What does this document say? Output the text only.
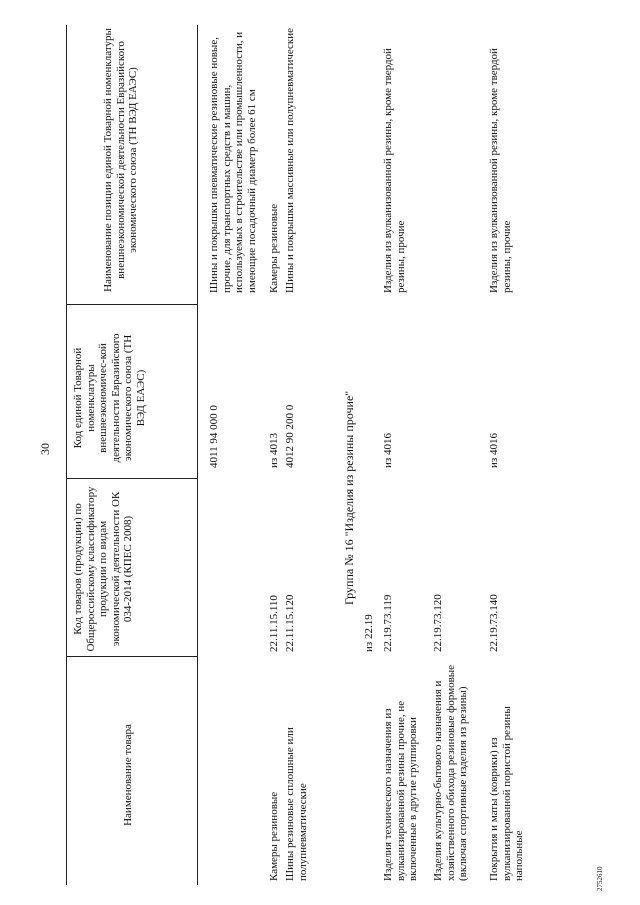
30
2752610
Наименование товара
Код товаров (продукции) по Общероссийскому классификатору продукции по видам экономической деятельности ОК 034-2014 (КПЕС 2008)
Код единой Товарной номенклатуры внешнеэкономичес-кой деятельности Евразийского экономического союза (ТН ВЭД ЕАЭС)
Наименование позиции единой Товарной номенклатуры внешнеэкономической деятельности Евразийского экономического союза (ТН ВЭД ЕАЭС)
4011 94 000 0
Шины и покрышки пневматические резиновые новые, прочие, для транспортных средств и машин, используемых в строительстве или промышленности, и имеющие посадочный диаметр более 61 см
Камеры резиновые
22.11.15.110
из 4013
Камеры резиновые
Шины резиновые сплошные или полупневматические
22.11.15.120
4012 90 200 0
Шины и покрышки массивные или полупневматические
Группа № 16 "Изделия из резины прочие"
из 22.19
Изделия технического назначения из вулканизированной резины прочие, не включенные в другие группировки
22.19.73.119
из 4016
Изделия из вулканизованной резины, кроме твердой резины, прочие
Изделия культурно-бытового назначения и хозяйственного обихода резиновые формовые (включая спортивные изделия из резины)
22.19.73.120
Покрытия и маты (коврики) из вулканизированной пористой резины напольные
22.19.73.140
из 4016
Изделия из вулканизованной резины, кроме твердой резины, прочие
